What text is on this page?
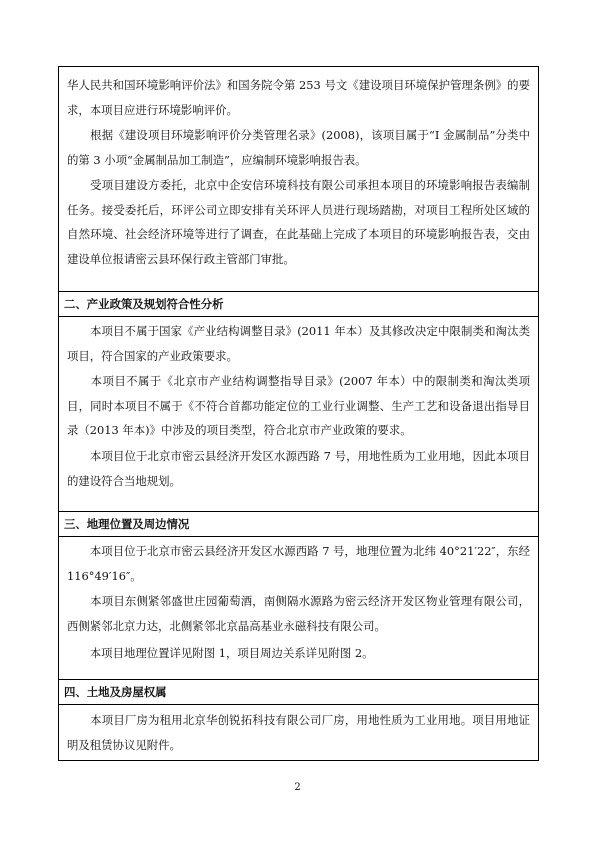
华人民共和国环境影响评价法》和国务院令第 253 号文《建设项目环境保护管理条例》的要求，本项目应进行环境影响评价。

　　根据《建设项目环境影响评价分类管理名录》(2008)，该项目属于“I 金属制品”分类中的第 3 小项“金属制品加工制造”，应编制环境影响报告表。

　　受项目建设方委托，北京中企安信环境科技有限公司承担本项目的环境影响报告表编制任务。接受委托后，环评公司立即安排有关环评人员进行现场踏勘，对项目工程所处区域的自然环境、社会经济环境等进行了调查，在此基础上完成了本项目的环境影响报告表，交由建设单位报请密云县环保行政主管部门审批。

二、产业政策及规划符合性分析

　　本项目不属于国家《产业结构调整目录》(2011 年本）及其修改决定中限制类和淘汰类项目，符合国家的产业政策要求。

　　本项目不属于《北京市产业结构调整指导目录》(2007 年本）中的限制类和淘汰类项目，同时本项目不属于《不符合首都功能定位的工业行业调整、生产工艺和设备退出指导目录（2013 年本)》中涉及的项目类型，符合北京市产业政策的要求。

　　本项目位于北京市密云县经济开发区水源西路 7 号，用地性质为工业用地，因此本项目的建设符合当地规划。

三、地理位置及周边情况

　　本项目位于北京市密云县经济开发区水源西路 7 号，地理位置为北纬 40°21′22″，东经 116°49′16″。

　　本项目东侧紧邻盛世庄园葡萄酒，南侧隔水源路为密云经济开发区物业管理有限公司，西侧紧邻北京力达，北侧紧邻北京晶高基业永磁科技有限公司。

　　本项目地理位置详见附图 1，项目周边关系详见附图 2。

四、土地及房屋权属

　　本项目厂房为租用北京华创锐拓科技有限公司厂房，用地性质为工业用地。项目用地证明及租赁协议见附件。

2
